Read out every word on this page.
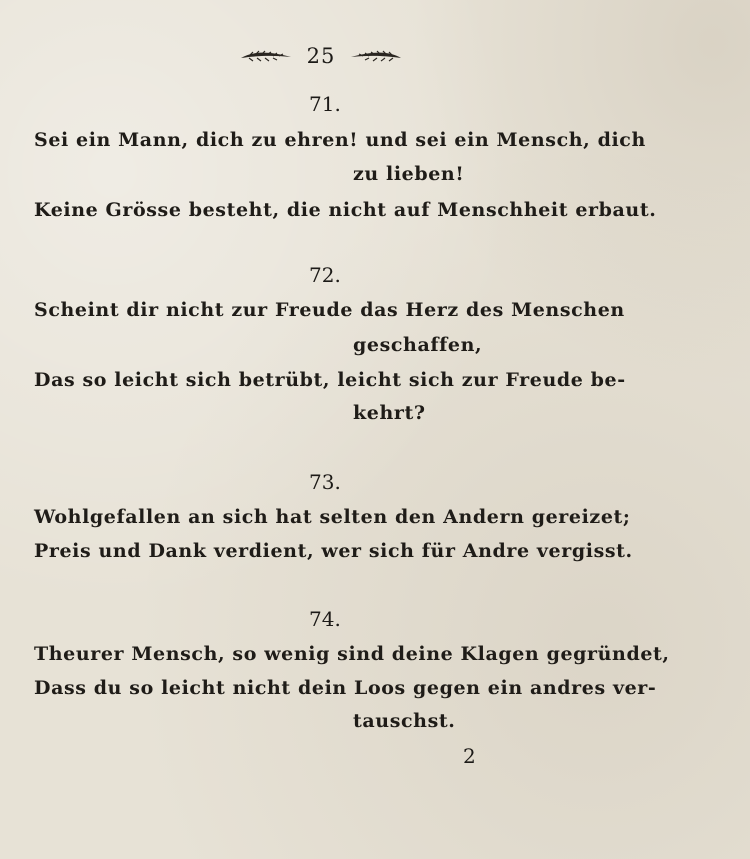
25
71.
Sei ein Mann, dich zu ehren! und sei ein Mensch, dich
zu lieben!
Keine Grösse besteht, die nicht auf Menschheit erbaut.
72.
Scheint dir nicht zur Freude das Herz des Menschen
geschaffen,
Das so leicht sich betrübt, leicht sich zur Freude be-
kehrt?
73.
Wohlgefallen an sich hat selten den Andern gereizet;
Preis und Dank verdient, wer sich für Andre vergisst.
74.
Theurer Mensch, so wenig sind deine Klagen gegründet,
Dass du so leicht nicht dein Loos gegen ein andres ver-
tauschst.
2
